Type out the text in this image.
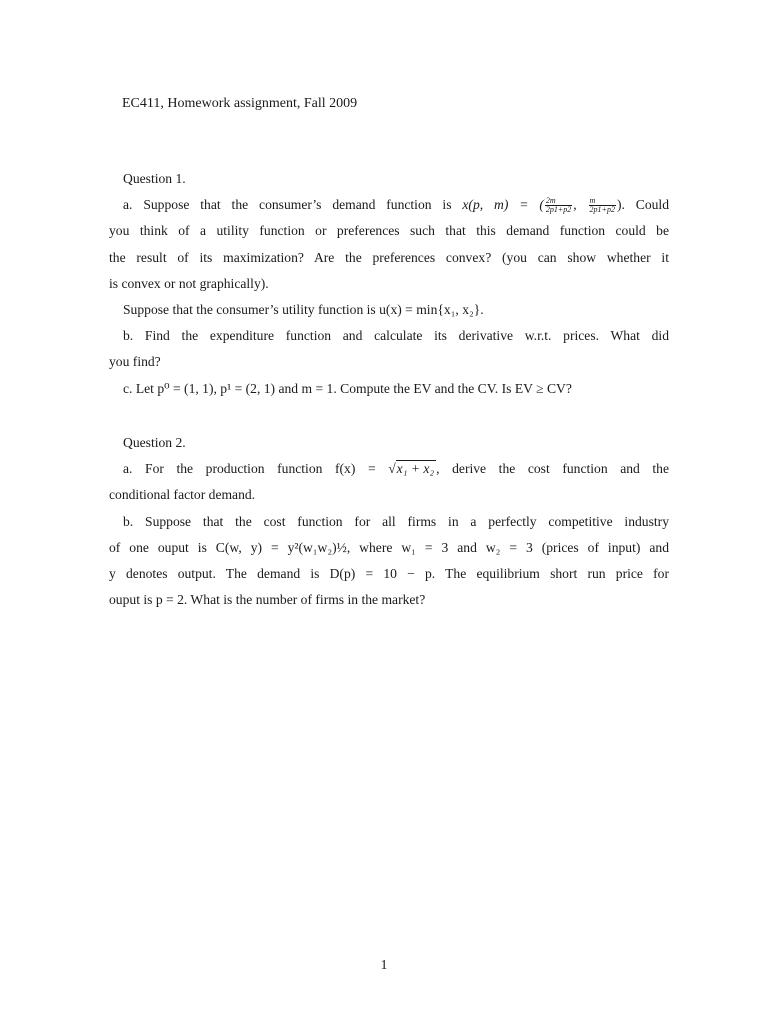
EC411, Homework assignment, Fall 2009
Question 1.
a. Suppose that the consumer’s demand function is x(p, m) = ( $\frac{2m}{2p1+p2}$ , $\frac{m}{2p1+p2}$ ). Could
you think of a utility function or preferences such that this demand function could be
the result of its maximization? Are the preferences convex? (you can show whether it
is convex or not graphically).
Suppose that the consumer’s utility function is u(x) = min{x₁, x₂}.
b. Find the expenditure function and calculate its derivative w.r.t. prices. What did
you find?
c. Let p⁰ = (1, 1), p¹ = (2, 1) and m = 1. Compute the EV and the CV. Is EV ≥ CV?
Question 2.
a. For the production function f(x) = √x₁ + x₂ , derive the cost function and the
conditional factor demand.
b. Suppose that the cost function for all firms in a perfectly competitive industry
of one ouput is C(w, y) = y²(w₁w₂)½, where w₁ = 3 and w₂ = 3 (prices of input) and
y denotes output. The demand is D(p) = 10 − p. The equilibrium short run price for
ouput is p = 2. What is the number of firms in the market?
1
